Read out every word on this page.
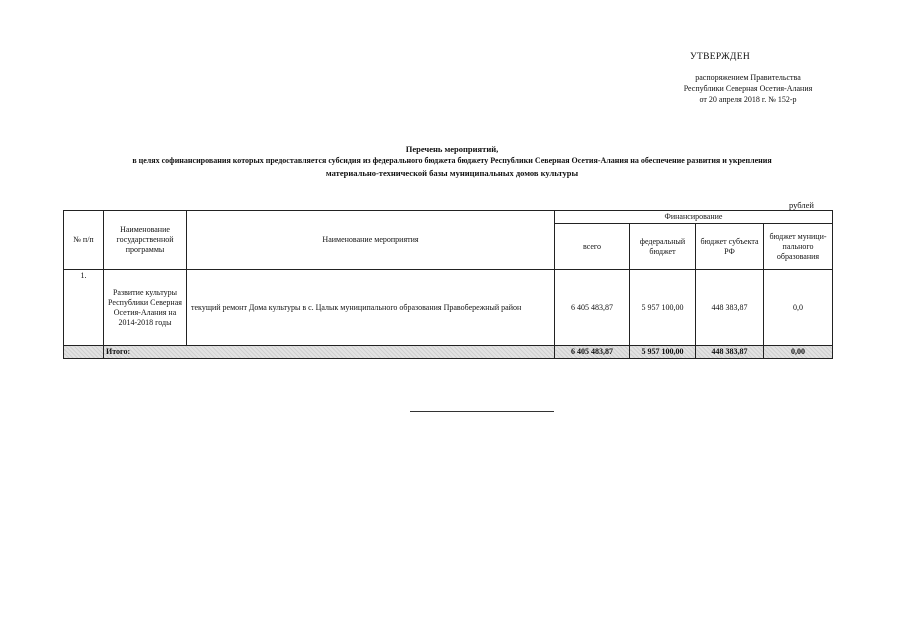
УТВЕРЖДЕН
распоряжением Правительства
Республики Северная Осетия-Алания
от 20 апреля 2018 г. № 152-р
Перечень мероприятий,
в целях софинансирования которых предоставляется субсидия из федерального бюджета бюджету Республики Северная Осетия-Алания на обеспечение развития и укрепления
материально-технической базы муниципальных домов культуры
рублей
№ п/п	Наименование государственной программы	Наименование мероприятия	Финансирование			
			всего	федеральный бюджет	бюджет субъекта РФ	бюджет муници-пального образования
1.	Развитие культуры Республики Северная Осетия-Алания на 2014-2018 годы	текущий ремонт Дома культуры в с. Цалык муниципального образования Правобережный район	6 405 483,87	5 957 100,00	448 383,87	0,0
	Итого:		6 405 483,87	5 957 100,00	448 383,87	0,00
